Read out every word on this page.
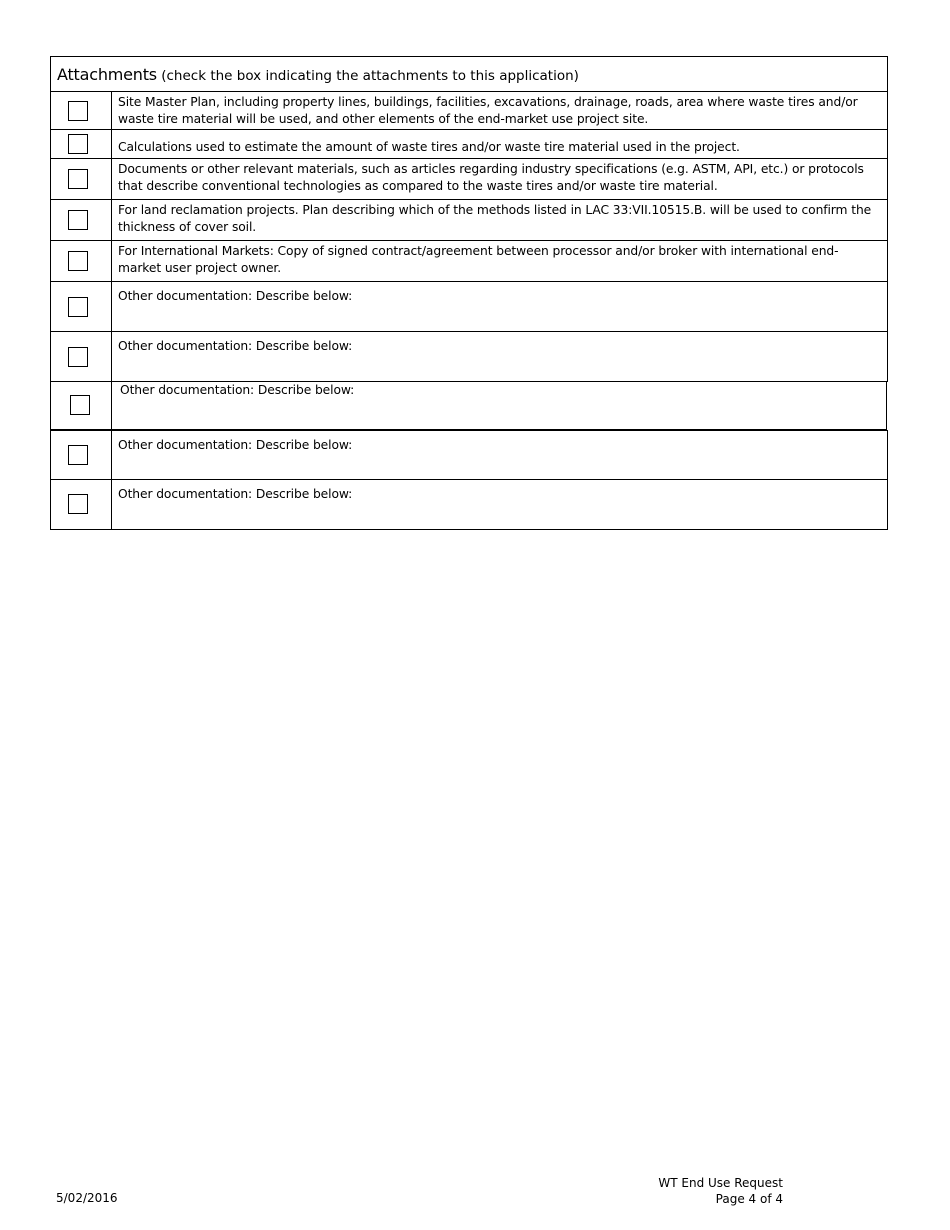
Attachments (check the box indicating the attachments to this application)
Site Master Plan, including property lines, buildings, facilities, excavations, drainage, roads, area where waste tires and/or waste tire material will be used, and other elements of the end-market use project site.
Calculations used to estimate the amount of waste tires and/or waste tire material used in the project.
Documents or other relevant materials, such as articles regarding industry specifications (e.g. ASTM, API, etc.) or protocols that describe conventional technologies as compared to the waste tires and/or waste tire material.
For land reclamation projects. Plan describing which of the methods listed in LAC 33:VII.10515.B. will be used to confirm the thickness of cover soil.
For International Markets: Copy of signed contract/agreement between processor and/or broker with international end-market user project owner.
Other documentation: Describe below:
Other documentation: Describe below:
Other documentation: Describe below:
Other documentation: Describe below:
Other documentation: Describe below:
5/02/2016
WT End Use Request
Page 4 of 4
